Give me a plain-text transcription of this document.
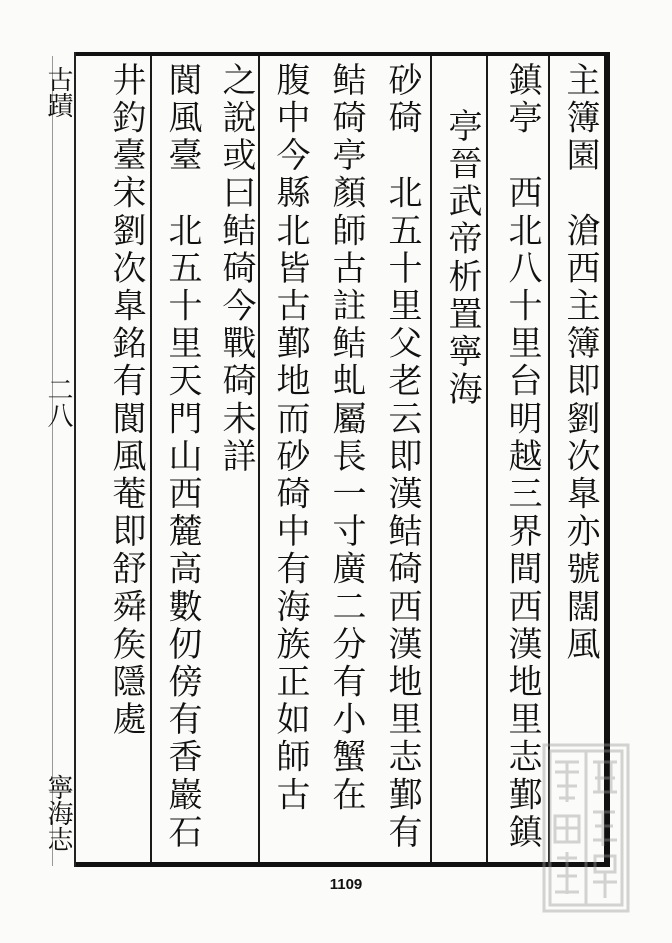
主簿園　滄西主簿即劉次臯亦號闊風
鎮亭　西北八十里台明越三界間西漢地里志鄞鎮
亭晉武帝析置寧海
砂碕　北五十里父老云即漢鲒碕西漢地里志鄞有
鲒碕亭顏師古註鲒虬屬長一寸廣二分有小蟹在
腹中今縣北皆古鄞地而砂碕中有海族正如師古
之說或曰鲒碕今戰碕未詳
閬風臺　北五十里天門山西麓高數仞傍有香巖石
井釣臺宋劉次臯銘有閬風菴即舒舜矦隱處
古蹟
二八
寧海志
1109
